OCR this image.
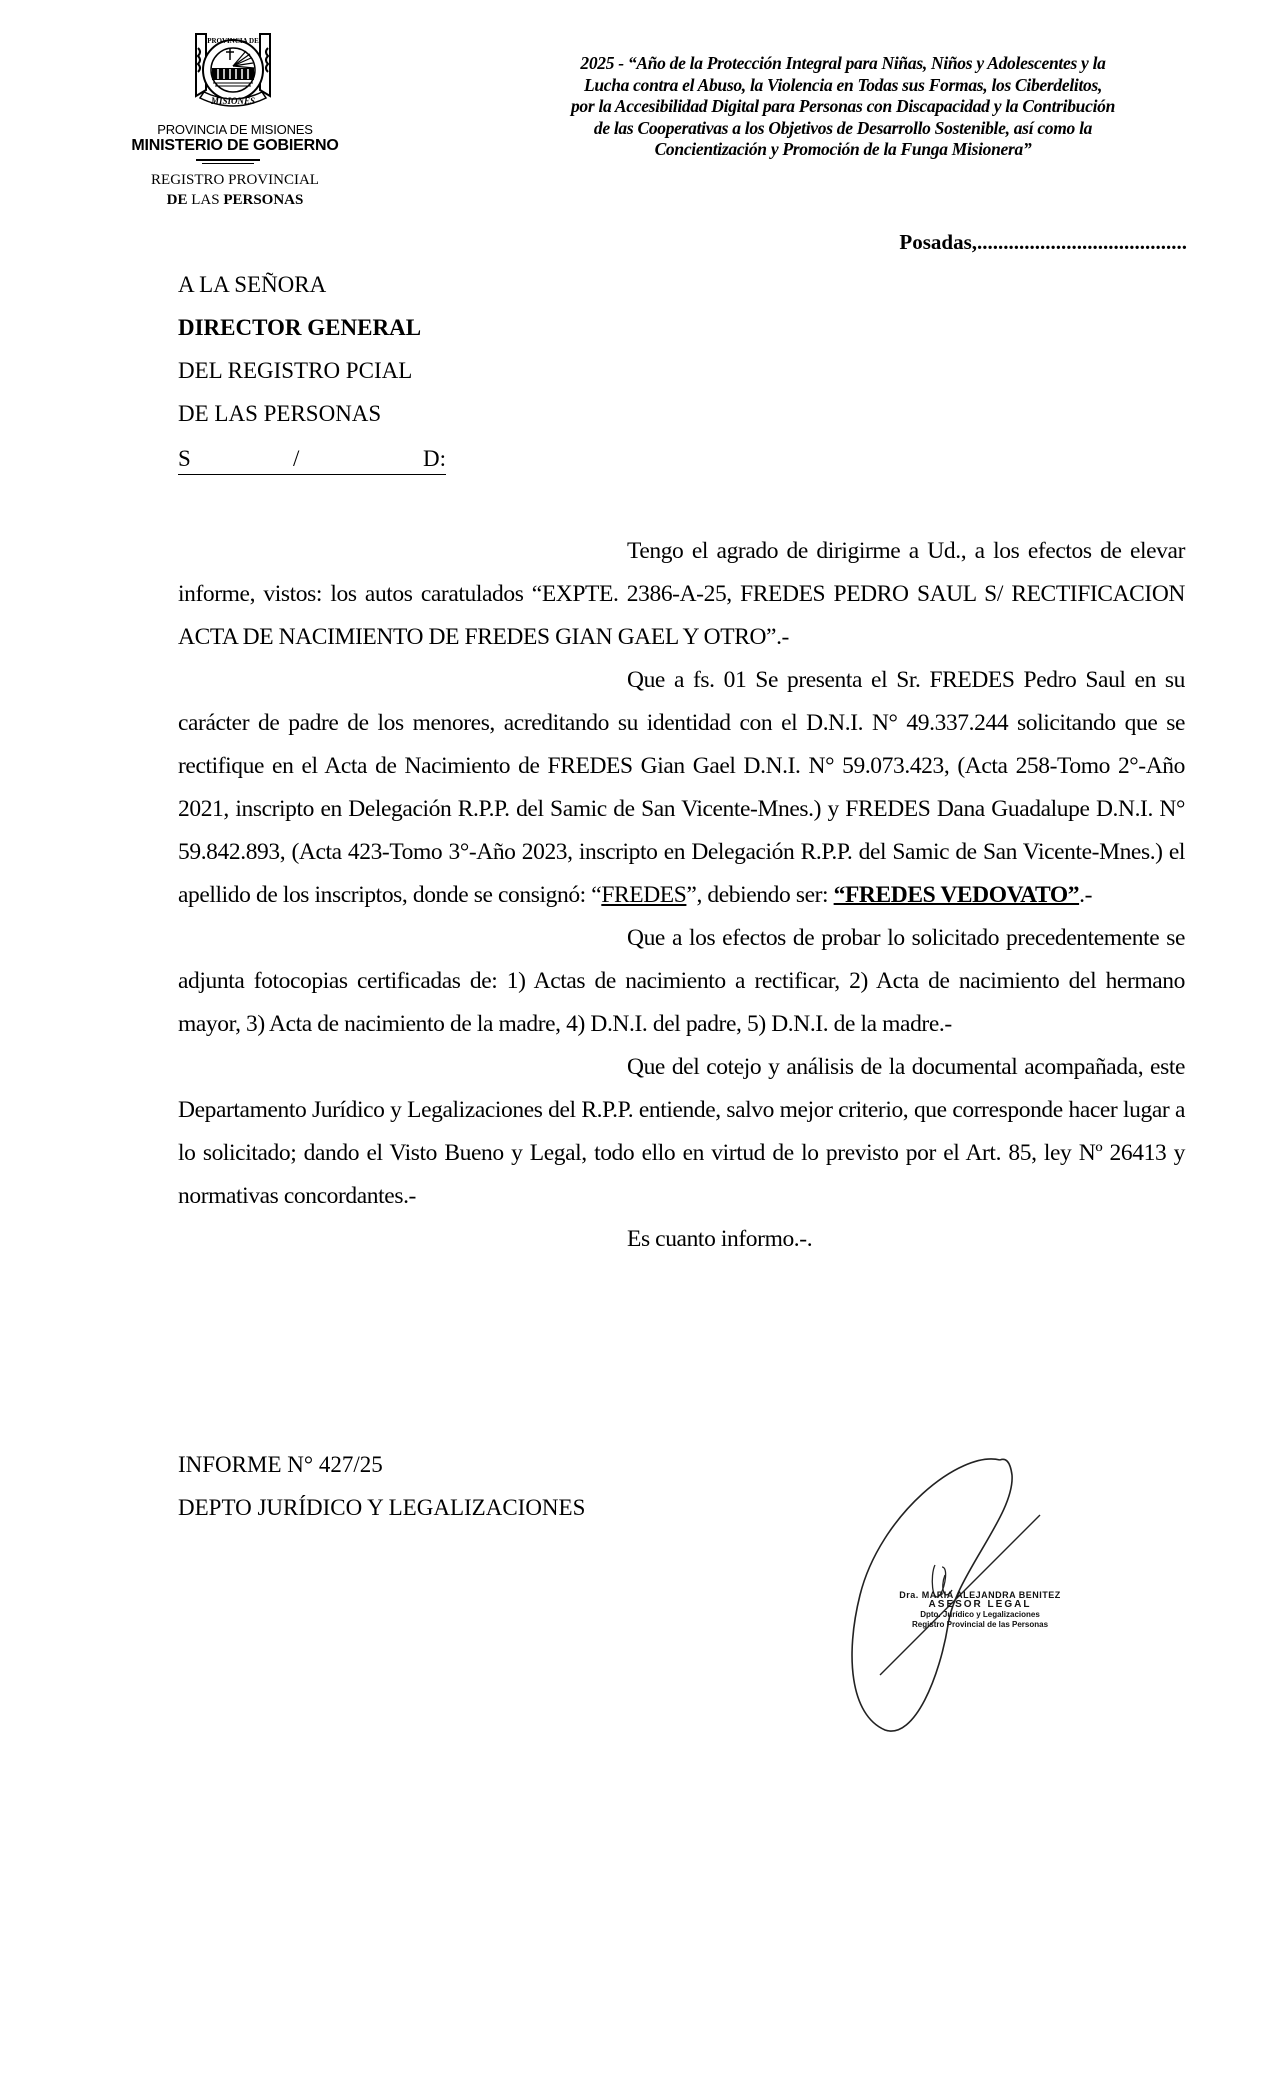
PROVINCIA DE
MISIONES
PROVINCIA DE MISIONES
MINISTERIO DE GOBIERNO
REGISTRO PROVINCIAL
DE LAS PERSONAS
2025 - “Año de la Protección Integral para Niñas, Niños y Adolescentes y la
Lucha contra el Abuso, la Violencia en Todas sus Formas, los Ciberdelitos,
por la Accesibilidad Digital para Personas con Discapacidad y la Contribución
de las Cooperativas a los Objetivos de Desarrollo Sostenible, así como la
Concientización y Promoción de la Funga Misionera”
Posadas,........................................
A LA SEÑORA
DIRECTOR GENERAL
DEL REGISTRO PCIAL
DE LAS PERSONAS
S	/	D:

Tengo el agrado de dirigirme a Ud., a los efectos de elevar informe, vistos: los autos caratulados “EXPTE. 2386-A-25, FREDES PEDRO SAUL S/ RECTIFICACION ACTA DE NACIMIENTO DE FREDES GIAN GAEL Y OTRO”.-

Que a fs. 01 Se presenta el Sr. FREDES Pedro Saul en su carácter de padre de los menores, acreditando su identidad con el D.N.I. N° 49.337.244 solicitando que se rectifique en el Acta de Nacimiento de FREDES Gian Gael D.N.I. N° 59.073.423, (Acta 258-Tomo 2°-Año 2021, inscripto en Delegación R.P.P. del Samic de San Vicente-Mnes.) y FREDES Dana Guadalupe D.N.I. N° 59.842.893, (Acta 423-Tomo 3°-Año 2023, inscripto en Delegación R.P.P. del Samic de San Vicente-Mnes.) el apellido de los inscriptos, donde se consignó: “FREDES”, debiendo ser: “FREDES VEDOVATO”.-

Que a los efectos de probar lo solicitado precedentemente se adjunta fotocopias certificadas de: 1) Actas de nacimiento a rectificar, 2) Acta de nacimiento del hermano mayor, 3) Acta de nacimiento de la madre, 4) D.N.I. del padre, 5) D.N.I. de la madre.-

Que del cotejo y análisis de la documental acompañada, este Departamento Jurídico y Legalizaciones del R.P.P. entiende, salvo mejor criterio, que corresponde hacer lugar a lo solicitado; dando el Visto Bueno y Legal, todo ello en virtud de lo previsto por el Art. 85, ley Nº 26413 y normativas concordantes.-

Es cuanto informo.-.

INFORME N° 427/25
DEPTO JURÍDICO Y LEGALIZACIONES
Dra. MARIA ALEJANDRA BENITEZ
ASESOR LEGAL
Dpto. Jurídico y Legalizaciones
Registro Provincial de las Personas
